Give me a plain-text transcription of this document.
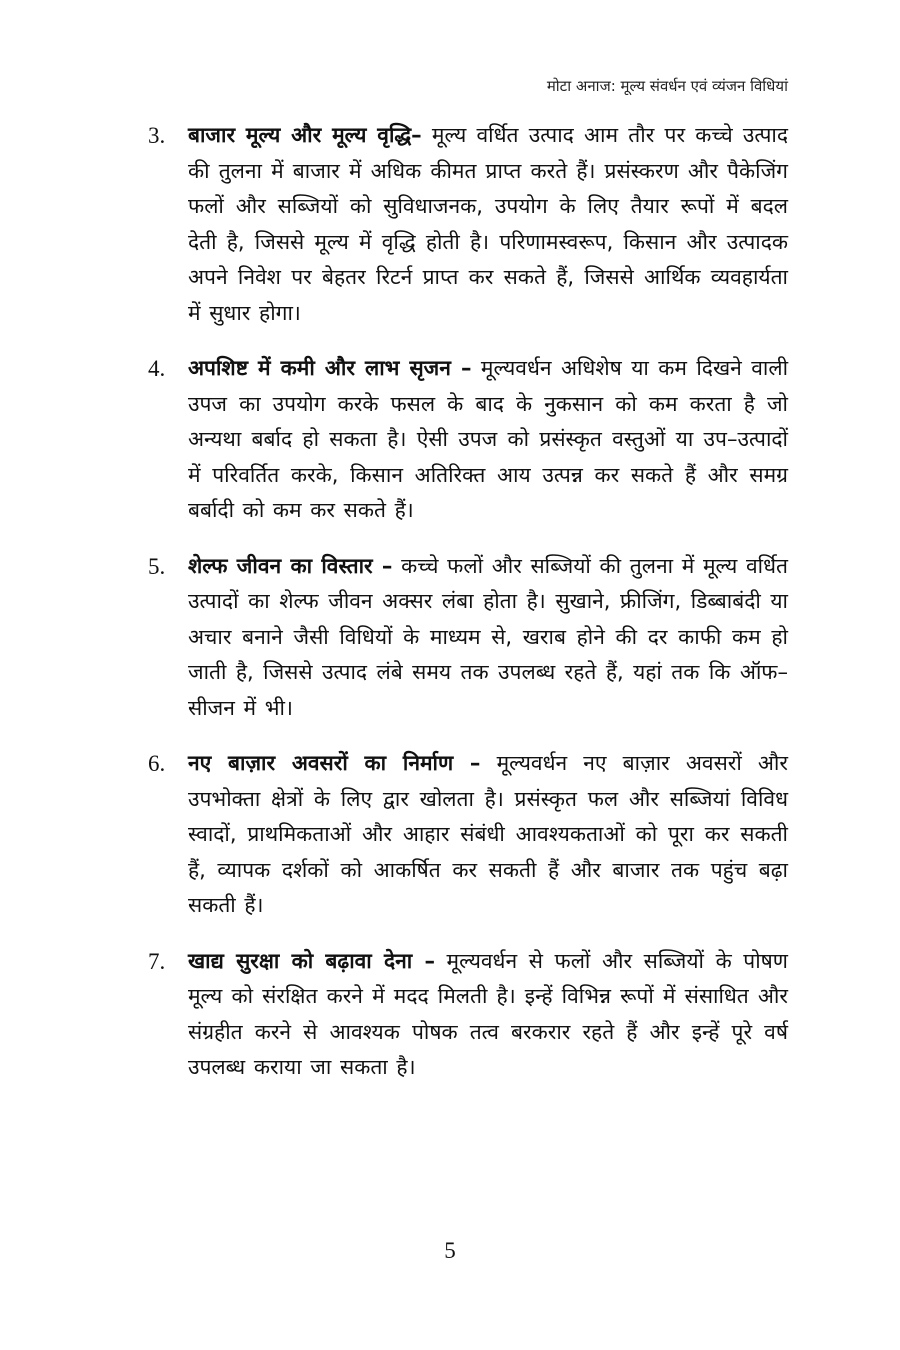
मोटा अनाज: मूल्य संवर्धन एवं व्यंजन विधियां
3.	बाजार मूल्य और मूल्य वृद्धि– मूल्य वर्धित उत्पाद आम तौर पर कच्चे उत्पाद की तुलना में बाजार में अधिक कीमत प्राप्त करते हैं। प्रसंस्करण और पैकेजिंग फलों और सब्जियों को सुविधाजनक, उपयोग के लिए तैयार रूपों में बदल देती है, जिससे मूल्य में वृद्धि होती है। परिणामस्वरूप, किसान और उत्पादक अपने निवेश पर बेहतर रिटर्न प्राप्त कर सकते हैं, जिससे आर्थिक व्यवहार्यता में सुधार होगा।
4.	अपशिष्ट में कमी और लाभ सृजन – मूल्यवर्धन अधिशेष या कम दिखने वाली उपज का उपयोग करके फसल के बाद के नुकसान को कम करता है जो अन्यथा बर्बाद हो सकता है। ऐसी उपज को प्रसंस्कृत वस्तुओं या उप–उत्पादों में परिवर्तित करके, किसान अतिरिक्त आय उत्पन्न कर सकते हैं और समग्र बर्बादी को कम कर सकते हैं।
5.	शेल्फ जीवन का विस्तार – कच्चे फलों और सब्जियों की तुलना में मूल्य वर्धित उत्पादों का शेल्फ जीवन अक्सर लंबा होता है। सुखाने, फ्रीजिंग, डिब्बाबंदी या अचार बनाने जैसी विधियों के माध्यम से, खराब होने की दर काफी कम हो जाती है, जिससे उत्पाद लंबे समय तक उपलब्ध रहते हैं, यहां तक कि ऑफ–सीजन में भी।
6.	नए बाज़ार अवसरों का निर्माण – मूल्यवर्धन नए बाज़ार अवसरों और उपभोक्ता क्षेत्रों के लिए द्वार खोलता है। प्रसंस्कृत फल और सब्जियां विविध स्वादों, प्राथमिकताओं और आहार संबंधी आवश्यकताओं को पूरा कर सकती हैं, व्यापक दर्शकों को आकर्षित कर सकती हैं और बाजार तक पहुंच बढ़ा सकती हैं।
7.	खाद्य सुरक्षा को बढ़ावा देना – मूल्यवर्धन से फलों और सब्जियों के पोषण मूल्य को संरक्षित करने में मदद मिलती है। इन्हें विभिन्न रूपों में संसाधित और संग्रहीत करने से आवश्यक पोषक तत्व बरकरार रहते हैं और इन्हें पूरे वर्ष उपलब्ध कराया जा सकता है।
5
